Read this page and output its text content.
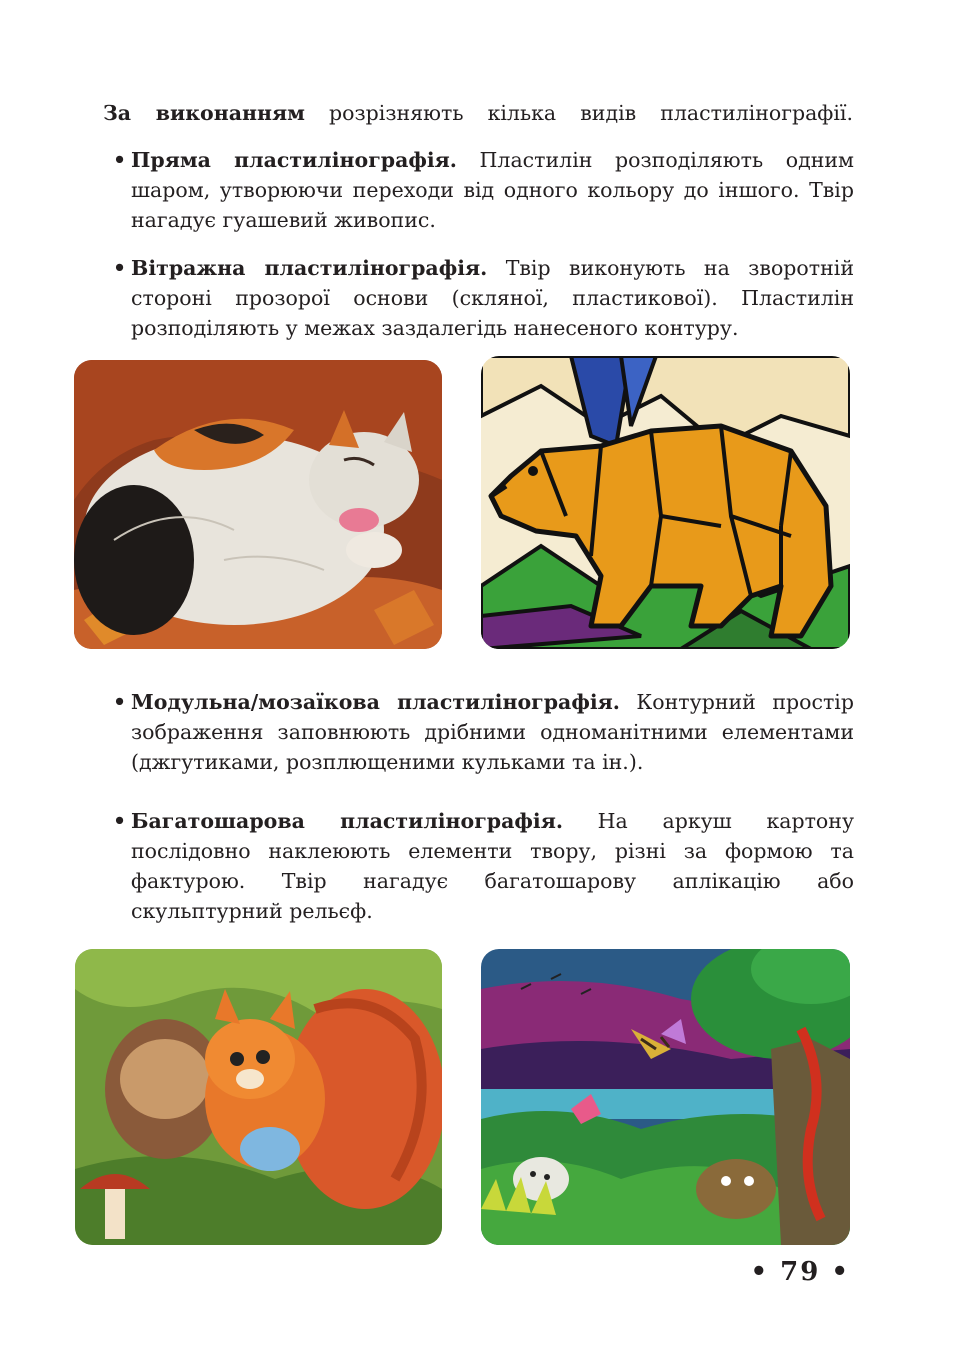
За виконанням розрізняють кілька видів пластилінографії.

• Пряма пластилінографія. Пластилін розподіляють одним шаром, утворюючи переходи від одного кольору до іншого. Твір нагадує гуашевий живопис.

• Вітражна пластилінографія. Твір виконують на зворотній стороні прозорої основи (скляної, пластикової). Пластилін розподіляють у межах заздалегідь нанесеного контуру.

• Модульна/мозаїкова пластилінографія. Контурний простір зображення заповнюють дрібними одноманітними елементами (джгутиками, розплющеними кульками та ін.).

• Багатошарова пластилінографія. На аркуш картону послідовно наклеюють елементи твору, різні за формою та фактурою. Твір нагадує багатошарову аплікацію або скульптурний рельєф.

• 79 •
